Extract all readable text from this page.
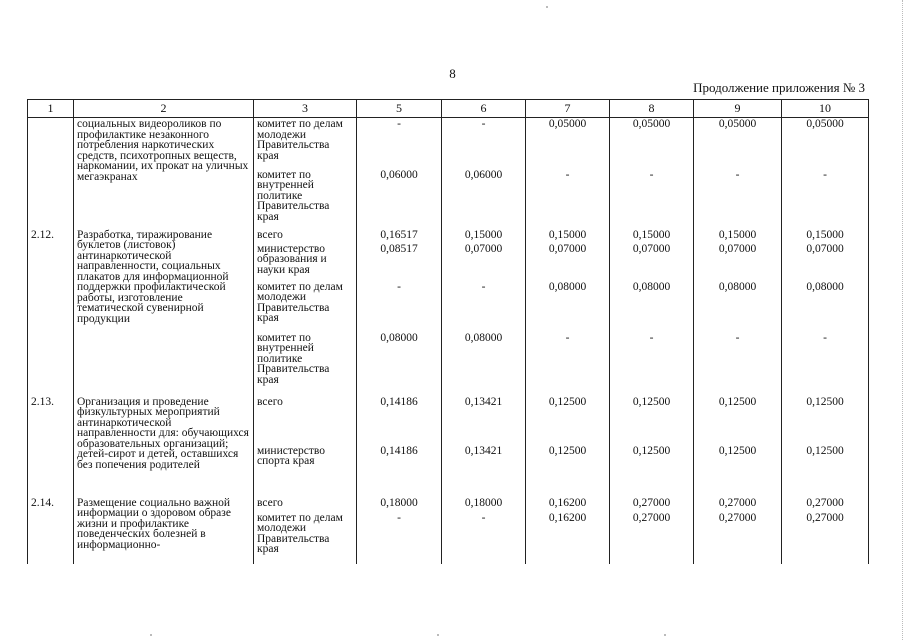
8
Продолжение приложения № 3
1	2	3	5	6	7	8	9	10
	социальных видеороликов по профилактике незаконного потребления наркотических средств, психотропных веществ, наркомании, их прокат на уличных мегаэкранах	комитет по делам молодежи Правительства края	-	-	0,05000	0,05000	0,05000	0,05000
		комитет по внутренней политике Правительства края	0,06000	0,06000	-	-	-	-
2.12.	Разработка, тиражирование буклетов (листовок) антинаркотической направленности, социальных плакатов для информационной поддержки профилактической работы, изготовление тематической сувенирной продукции	всего	0,16517	0,15000	0,15000	0,15000	0,15000	0,15000
		министерство образования и науки края	0,08517	0,07000	0,07000	0,07000	0,07000	0,07000
		комитет по делам молодежи Правительства края	-	-	0,08000	0,08000	0,08000	0,08000
		комитет по внутренней политике Правительства края	0,08000	0,08000	-	-	-	-
2.13.	Организация и проведение физкультурных мероприятий антинаркотической направленности для: обучающихся образовательных организаций; детей-сирот и детей, оставшихся без попечения родителей	всего	0,14186	0,13421	0,12500	0,12500	0,12500	0,12500
		министерство спорта края	0,14186	0,13421	0,12500	0,12500	0,12500	0,12500
2.14.	Размещение социально важной информации о здоровом образе жизни и профилактике поведенческих болезней в информационно-	всего	0,18000	0,18000	0,16200	0,27000	0,27000	0,27000
		комитет по делам молодежи Правительства края	-	-	0,16200	0,27000	0,27000	0,27000
